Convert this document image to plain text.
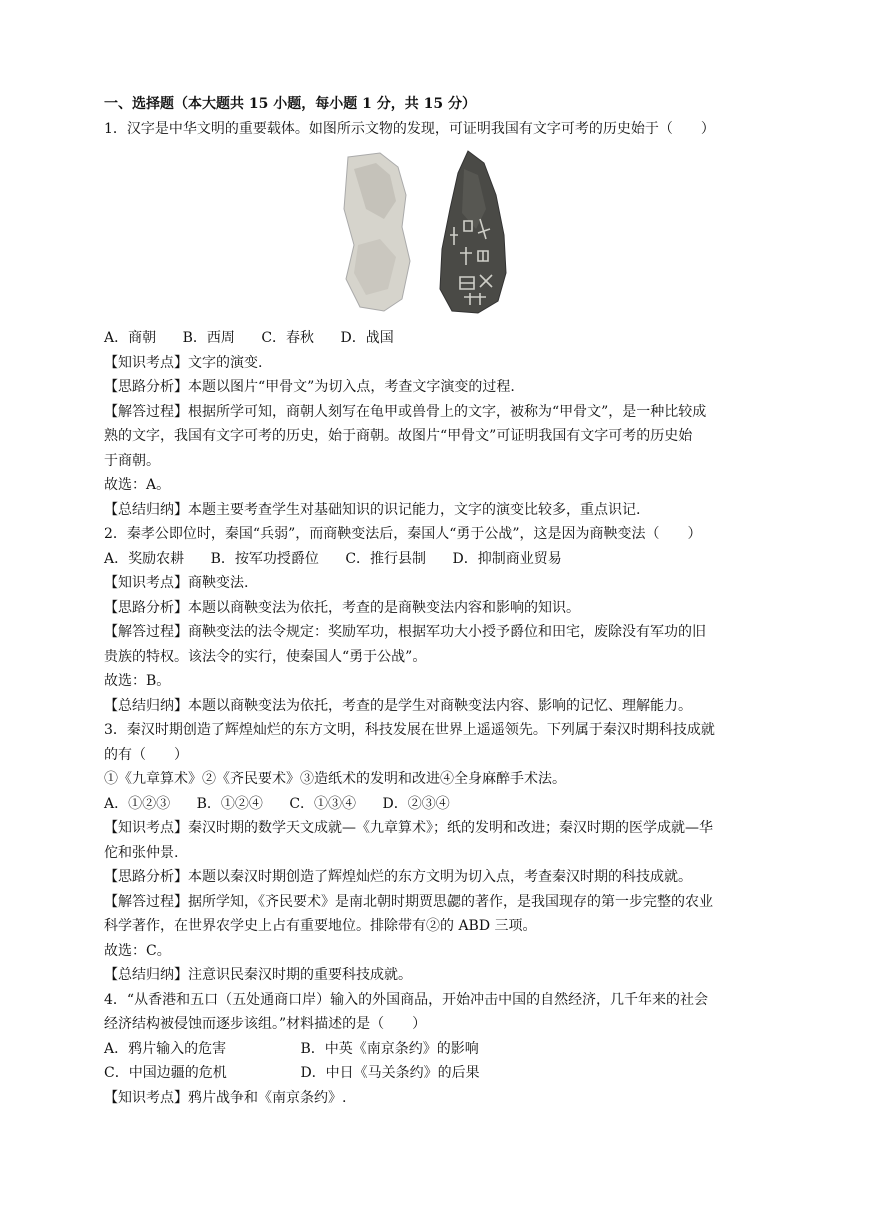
一、选择题（本大题共 15 小题，每小题 1 分，共 15 分）
1．汉字是中华文明的重要载体。如图所示文物的发现，可证明我国有文字可考的历史始于（　　）
A．商朝 B．西周 C．春秋 D．战国
【知识考点】文字的演变.
【思路分析】本题以图片“甲骨文”为切入点，考查文字演变的过程.
【解答过程】根据所学可知，商朝人刻写在龟甲或兽骨上的文字，被称为“甲骨文”，是一种比较成
熟的文字，我国有文字可考的历史，始于商朝。故图片“甲骨文”可证明我国有文字可考的历史始
于商朝。
故选：A。
【总结归纳】本题主要考查学生对基础知识的识记能力，文字的演变比较多，重点识记.
2．秦孝公即位时，秦国“兵弱”，而商鞅变法后，秦国人“勇于公战”，这是因为商鞅变法（　　）
A．奖励农耕 B．按军功授爵位 C．推行县制 D．抑制商业贸易
【知识考点】商鞅变法.
【思路分析】本题以商鞅变法为依托，考查的是商鞅变法内容和影响的知识。
【解答过程】商鞅变法的法令规定：奖励军功，根据军功大小授予爵位和田宅，废除没有军功的旧
贵族的特权。该法令的实行，使秦国人“勇于公战”。
故选：B。
【总结归纳】本题以商鞅变法为依托，考查的是学生对商鞅变法内容、影响的记忆、理解能力。
3．秦汉时期创造了辉煌灿烂的东方文明，科技发展在世界上遥遥领先。下列属于秦汉时期科技成就
的有（　　）
①《九章算术》②《齐民要术》③造纸术的发明和改进④全身麻醉手术法。
A．①②③ B．①②④ C．①③④ D．②③④
【知识考点】秦汉时期的数学天文成就—《九章算术》；纸的发明和改进；秦汉时期的医学成就—华
佗和张仲景.
【思路分析】本题以秦汉时期创造了辉煌灿烂的东方文明为切入点，考查秦汉时期的科技成就。
【解答过程】据所学知，《齐民要术》是南北朝时期贾思勰的著作，是我国现存的第一步完整的农业
科学著作，在世界农学史上占有重要地位。排除带有②的 ABD 三项。
故选：C。
【总结归纳】注意识民秦汉时期的重要科技成就。
4．“从香港和五口（五处通商口岸）输入的外国商品，开始冲击中国的自然经济，几千年来的社会
经济结构被侵蚀而逐步该组。”材料描述的是（　　）
A．鸦片输入的危害	B．中英《南京条约》的影响
C．中国边疆的危机	D．中日《马关条约》的后果
【知识考点】鸦片战争和《南京条约》.
